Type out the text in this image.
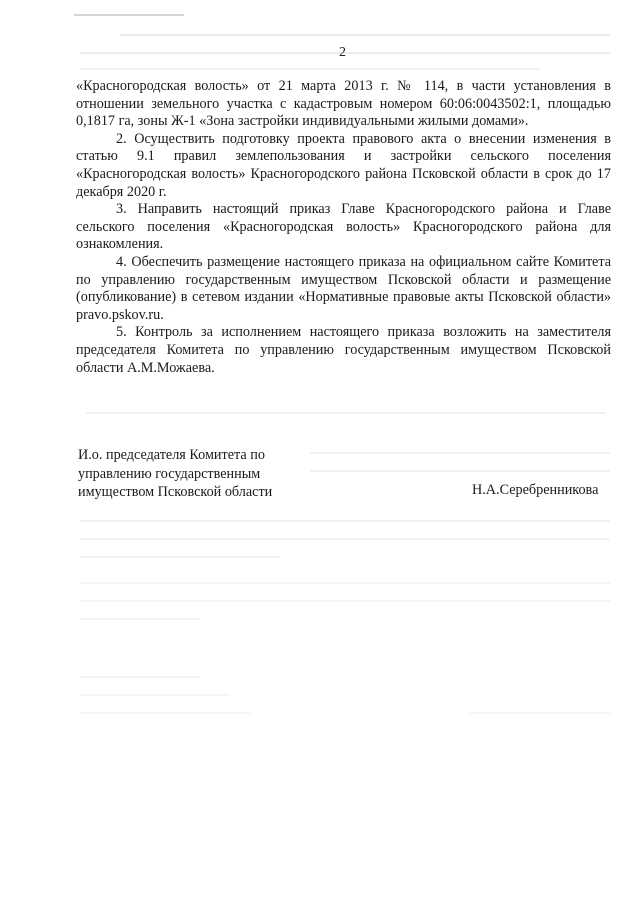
2

«Красногородская волость» от 21 марта 2013 г. № 114, в части установления в отношении земельного участка с кадастровым номером 60:06:0043502:1, площадью 0,1817 га, зоны Ж-1 «Зона застройки индивидуальными жилыми домами».

2. Осуществить подготовку проекта правового акта о внесении изменения в статью 9.1 правил землепользования и застройки сельского поселения «Красногородская волость» Красногородского района Псковской области в срок до 17 декабря 2020 г.

3. Направить настоящий приказ Главе Красногородского района и Главе сельского поселения «Красногородская волость» Красногородского района для ознакомления.

4. Обеспечить размещение настоящего приказа на официальном сайте Комитета по управлению государственным имуществом Псковской области и размещение (опубликование) в сетевом издании «Нормативные правовые акты Псковской области» pravo.pskov.ru.

5. Контроль за исполнением настоящего приказа возложить на заместителя председателя Комитета по управлению государственным имуществом Псковской области А.М.Можаева.

И.о. председателя Комитета по
управлению государственным
имуществом Псковской области	Н.А.Серебренникова
